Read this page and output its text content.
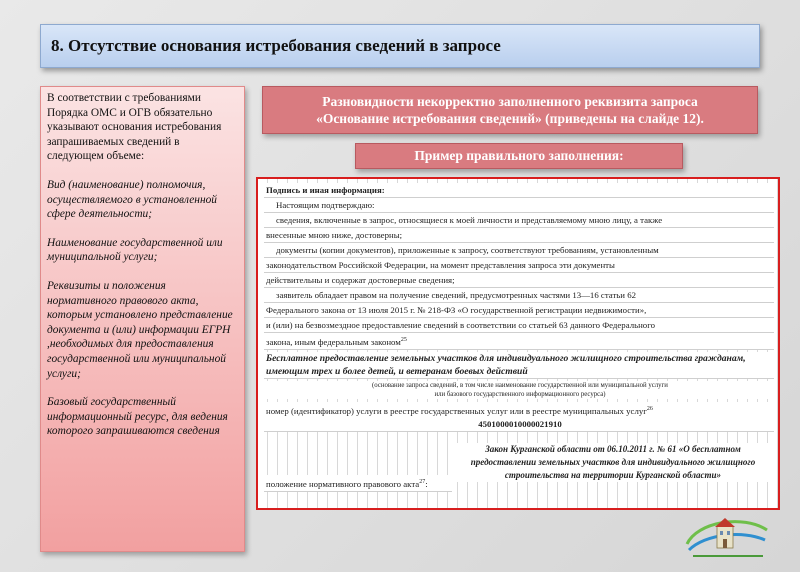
8. Отсутствие основания истребования сведений в запросе

В соответствии с требованиями Порядка ОМС и ОГВ обязательно указывают основания истребования запрашиваемых сведений в следующем объеме:

Вид (наименование) полномочия, осуществляемого в установленной сфере деятельности;

Наименование государственной или муниципальной услуги;

Реквизиты и положения нормативного правового акта, которым установлено представление документа и (или) информации ЕГРН ,необходимых для предоставления государственной или муниципальной услуги;

Базовый государственный информационный ресурс, для ведения которого запрашиваются сведения

Разновидности некорректно заполненного реквизита запроса
«Основание истребования сведений» (приведены на слайде 12).
Пример правильного заполнения:
Подпись и иная информация:
Настоящим подтверждаю:
сведения, включенные в запрос, относящиеся к моей личности и представляемому мною лицу, а также
внесенные мною ниже, достоверны;
документы (копии документов), приложенные к запросу, соответствуют требованиям, установленным
законодательством Российской Федерации, на момент представления запроса эти документы
действительны и содержат достоверные сведения;
заявитель обладает правом на получение сведений, предусмотренных частями 13—16 статьи 62
Федерального закона от 13 июля 2015 г. № 218-ФЗ «О государственной регистрации недвижимости»,
и (или) на безвозмездное предоставление сведений в соответствии со статьей 63 данного Федерального
закона, иным федеральным законом$^{25}$
Бесплатное предоставление земельных участков для индивидуального жилищного строительства гражданам, имеющим трех и более детей, и ветеранам боевых действий
(основание запроса сведений, в том числе наименование государственной или муниципальной услуги
или базового государственного информационного ресурса)
номер (идентификатор) услуги в реестре государственных услуг или в реестре муниципальных услуг$^{26}$
4501000010000021910
Закон Курганской области от 06.10.2011 г. № 61 «О бесплатном предоставлении земельных участков для индивидуального жилищного строительства на территории Курганской области»
положение нормативного правового акта$^{27}$:
